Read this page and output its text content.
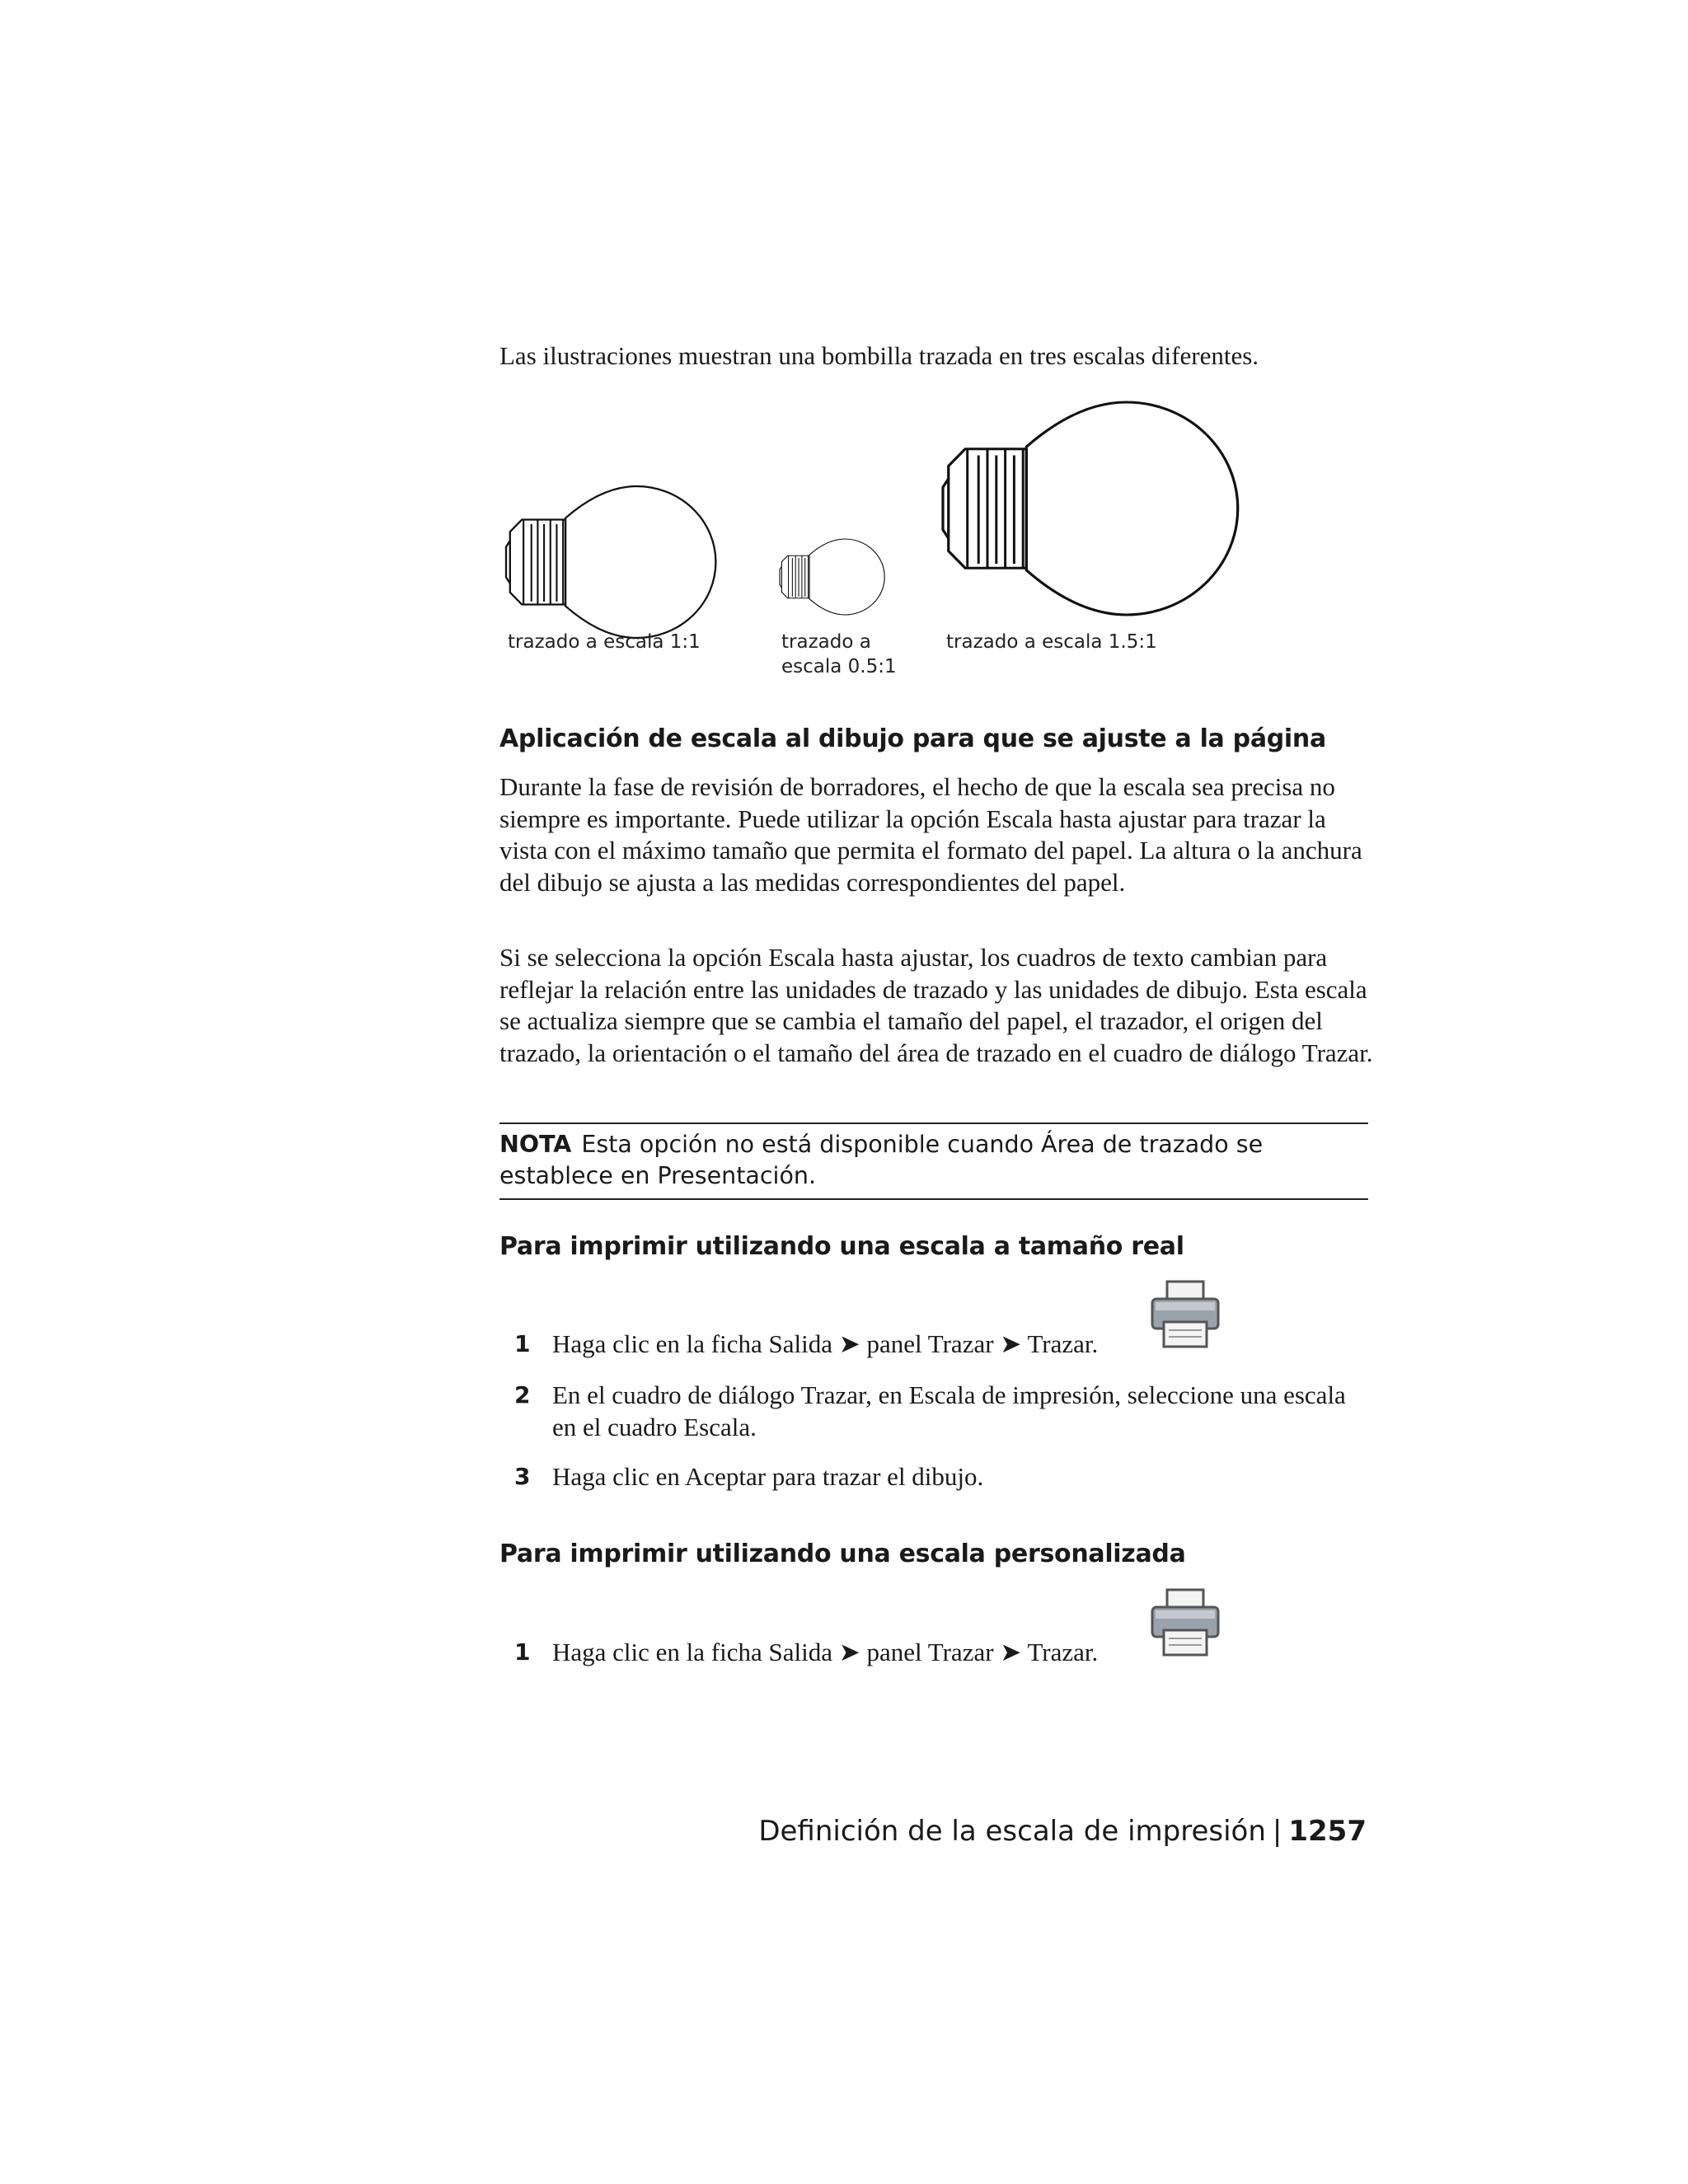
Las ilustraciones muestran una bombilla trazada en tres escalas diferentes.
trazado a escala 1:1	trazado a
escala 0.5:1
trazado a escala 1.5:1
Aplicación de escala al dibujo para que se ajuste a la página
Durante la fase de revisión de borradores, el hecho de que la escala sea precisa no siempre es importante. Puede utilizar la opción Escala hasta ajustar para trazar la vista con el máximo tamaño que permita el formato del papel. La altura o la anchura del dibujo se ajusta a las medidas correspondientes del papel.
Si se selecciona la opción Escala hasta ajustar, los cuadros de texto cambian para reflejar la relación entre las unidades de trazado y las unidades de dibujo. Esta escala se actualiza siempre que se cambia el tamaño del papel, el trazador, el origen del trazado, la orientación o el tamaño del área de trazado en el cuadro de diálogo Trazar.
NOTA Esta opción no está disponible cuando Área de trazado se establece en Presentación.
Para imprimir utilizando una escala a tamaño real
1 Haga clic en la ficha Salida ➤ panel Trazar ➤ Trazar.
2 En el cuadro de diálogo Trazar, en Escala de impresión, seleccione una escala en el cuadro Escala.
3 Haga clic en Aceptar para trazar el dibujo.
Para imprimir utilizando una escala personalizada
1 Haga clic en la ficha Salida ➤ panel Trazar ➤ Trazar.
Definición de la escala de impresión | 1257
